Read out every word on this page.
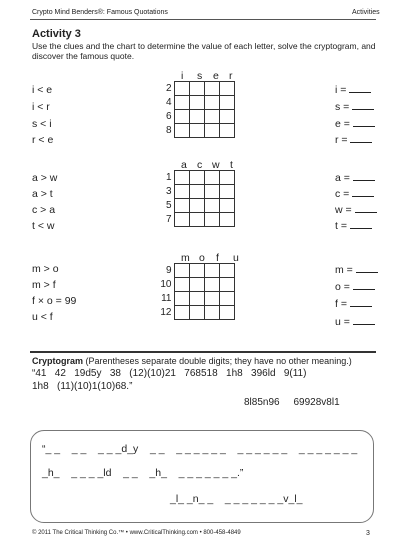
Crypto Mind Benders®: Famous Quotations	Activities
Activity 3
Use the clues and the chart to determine the value of each letter, solve the cryptogram, and discover the famous quote.
i < e
i < r
s < i
r < e
i s e r
2				
4				
6				
8				
i =
s =
e =
r =
a > w
a > t
c > a
t < w
a c w t
1				
3				
5				
7				
a =
c =
w =
t =
m > o
m > f
f × o = 99
u < f
m o f u
9				
10				
11				
12				
m =
o =
f =
u =
Cryptogram (Parentheses separate double digits; they have no other meaning.)
“41   42   19d5y   38   (12)(10)21   768518   1h8   396ld   9(11)
1h8   (11)(10)1(10)68.”
8l85n96     69928v8l1
“_ _    _ _    _ _ _d_y    _ _    _ _ _ _ _ _    _ _ _ _ _ _    _ _ _ _ _ _ _
_h_    _ _ _ _ld    _ _    _h_    _ _ _ _ _ _ _.”
_l_ _n_ _    _ _ _ _ _ _ _v_l_
© 2011 The Critical Thinking Co.™ • www.CriticalThinking.com • 800-458-4849	3
